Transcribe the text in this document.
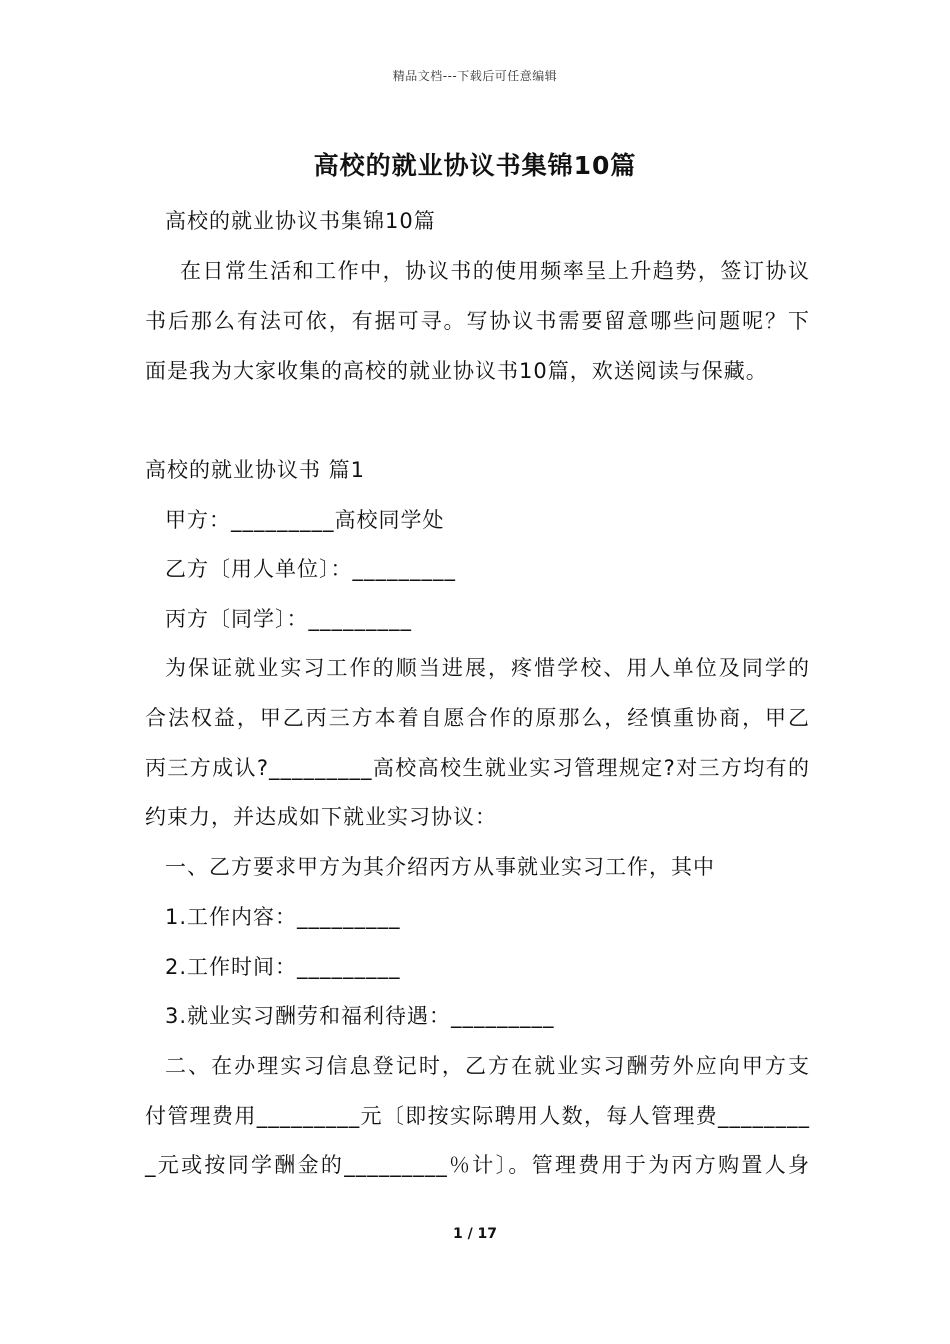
精品文档---下载后可任意编辑
高校的就业协议书集锦10篇
高校的就业协议书集锦10篇
在日常生活和工作中，协议书的使用频率呈上升趋势，签订协议
书后那么有法可依，有据可寻。写协议书需要留意哪些问题呢？下
面是我为大家收集的高校的就业协议书10篇，欢送阅读与保藏。
高校的就业协议书 篇1
甲方：_________高校同学处
乙方〔用人单位〕：_________
丙方〔同学〕：_________
为保证就业实习工作的顺当进展，疼惜学校、用人单位及同学的
合法权益，甲乙丙三方本着自愿合作的原那么，经慎重协商，甲乙
丙三方成认?_________高校高校生就业实习管理规定?对三方均有的
约束力，并达成如下就业实习协议：
一、乙方要求甲方为其介绍丙方从事就业实习工作，其中
1.工作内容：_________
2.工作时间：_________
3.就业实习酬劳和福利待遇：_________
二、在办理实习信息登记时，乙方在就业实习酬劳外应向甲方支
付管理费用_________元〔即按实际聘用人数，每人管理费________
_元或按同学酬金的_________％计〕。管理费用于为丙方购置人身
1 / 17
